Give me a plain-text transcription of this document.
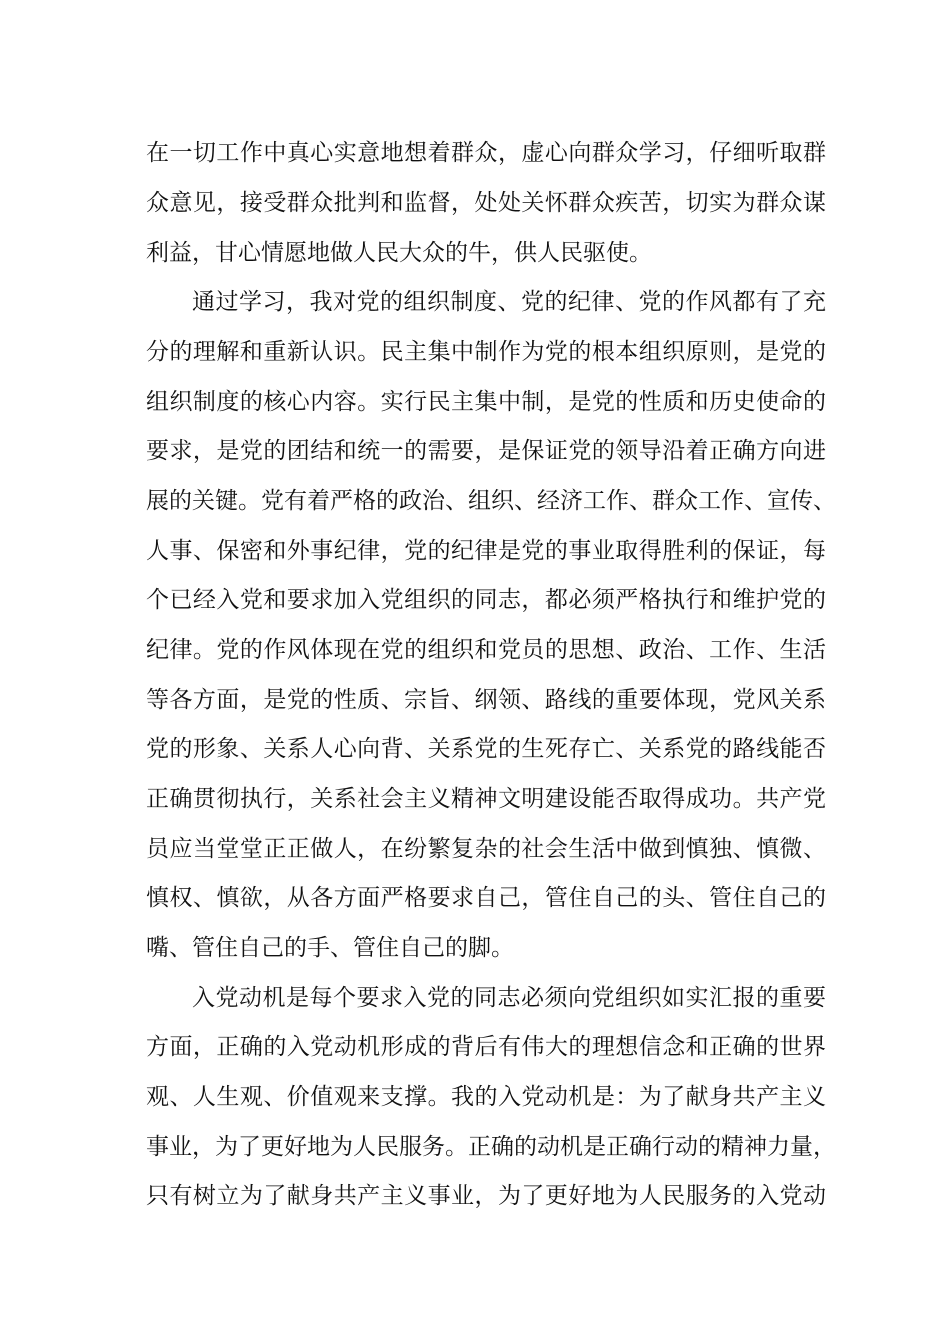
在一切工作中真心实意地想着群众，虚心向群众学习，仔细听取群
众意见，接受群众批判和监督，处处关怀群众疾苦，切实为群众谋
利益，甘心情愿地做人民大众的牛，供人民驱使。
通过学习，我对党的组织制度、党的纪律、党的作风都有了充
分的理解和重新认识。民主集中制作为党的根本组织原则，是党的
组织制度的核心内容。实行民主集中制，是党的性质和历史使命的
要求，是党的团结和统一的需要，是保证党的领导沿着正确方向进
展的关键。党有着严格的政治、组织、经济工作、群众工作、宣传、
人事、保密和外事纪律，党的纪律是党的事业取得胜利的保证，每
个已经入党和要求加入党组织的同志，都必须严格执行和维护党的
纪律。党的作风体现在党的组织和党员的思想、政治、工作、生活
等各方面，是党的性质、宗旨、纲领、路线的重要体现，党风关系
党的形象、关系人心向背、关系党的生死存亡、关系党的路线能否
正确贯彻执行，关系社会主义精神文明建设能否取得成功。共产党
员应当堂堂正正做人，在纷繁复杂的社会生活中做到慎独、慎微、
慎权、慎欲，从各方面严格要求自己，管住自己的头、管住自己的
嘴、管住自己的手、管住自己的脚。
入党动机是每个要求入党的同志必须向党组织如实汇报的重要
方面，正确的入党动机形成的背后有伟大的理想信念和正确的世界
观、人生观、价值观来支撑。我的入党动机是：为了献身共产主义
事业，为了更好地为人民服务。正确的动机是正确行动的精神力量，
只有树立为了献身共产主义事业，为了更好地为人民服务的入党动
